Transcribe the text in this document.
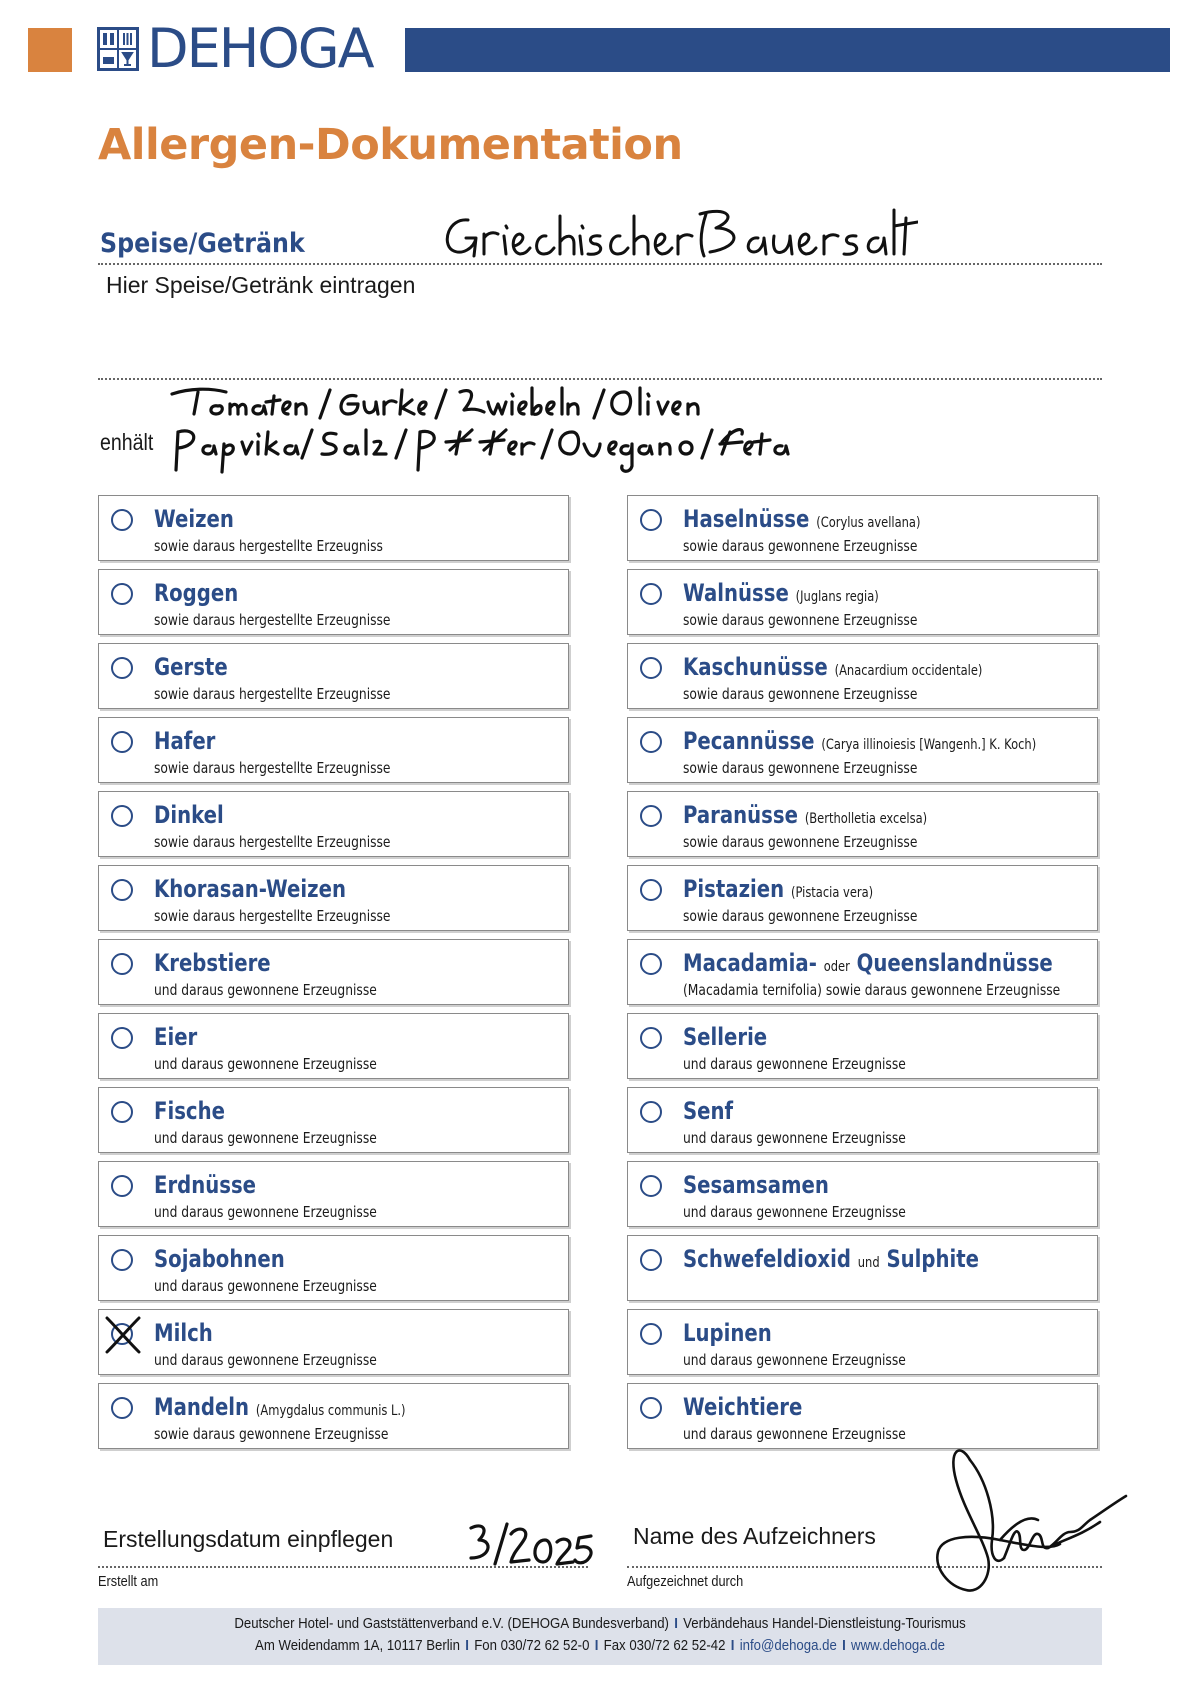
DEHOGA
Allergen-Dokumentation
Speise/Getränk
Hier Speise/Getränk eintragen
enhält
Weizen
sowie daraus hergestellte Erzeugniss
Roggen
sowie daraus hergestellte Erzeugnisse
Gerste
sowie daraus hergestellte Erzeugnisse
Hafer
sowie daraus hergestellte Erzeugnisse
Dinkel
sowie daraus hergestellte Erzeugnisse
Khorasan-Weizen
sowie daraus hergestellte Erzeugnisse
Krebstiere
und daraus gewonnene Erzeugnisse
Eier
und daraus gewonnene Erzeugnisse
Fische
und daraus gewonnene Erzeugnisse
Erdnüsse
und daraus gewonnene Erzeugnisse
Sojabohnen
und daraus gewonnene Erzeugnisse
Milch
und daraus gewonnene Erzeugnisse
Mandeln (Amygdalus communis L.)
sowie daraus gewonnene Erzeugnisse
Haselnüsse (Corylus avellana)
sowie daraus gewonnene Erzeugnisse
Walnüsse (Juglans regia)
sowie daraus gewonnene Erzeugnisse
Kaschunüsse (Anacardium occidentale)
sowie daraus gewonnene Erzeugnisse
Pecannüsse (Carya illinoiesis [Wangenh.] K. Koch)
sowie daraus gewonnene Erzeugnisse
Paranüsse (Bertholletia excelsa)
sowie daraus gewonnene Erzeugnisse
Pistazien (Pistacia vera)
sowie daraus gewonnene Erzeugnisse
Macadamia- oder Queenslandnüsse
(Macadamia ternifolia) sowie daraus gewonnene Erzeugnisse
Sellerie
und daraus gewonnene Erzeugnisse
Senf
und daraus gewonnene Erzeugnisse
Sesamsamen
und daraus gewonnene Erzeugnisse
Schwefeldioxid und Sulphite
Lupinen
und daraus gewonnene Erzeugnisse
Weichtiere
und daraus gewonnene Erzeugnisse
Erstellungsdatum einpflegen
Erstellt am
Name des Aufzeichners
Aufgezeichnet durch
Deutscher Hotel- und Gaststättenverband e.V. (DEHOGA Bundesverband) I Verbändehaus Handel-Dienstleistung-Tourismus
Am Weidendamm 1A, 10117 Berlin I Fon 030/72 62 52-0 I Fax 030/72 62 52-42 I info@dehoga.de I www.dehoga.de
